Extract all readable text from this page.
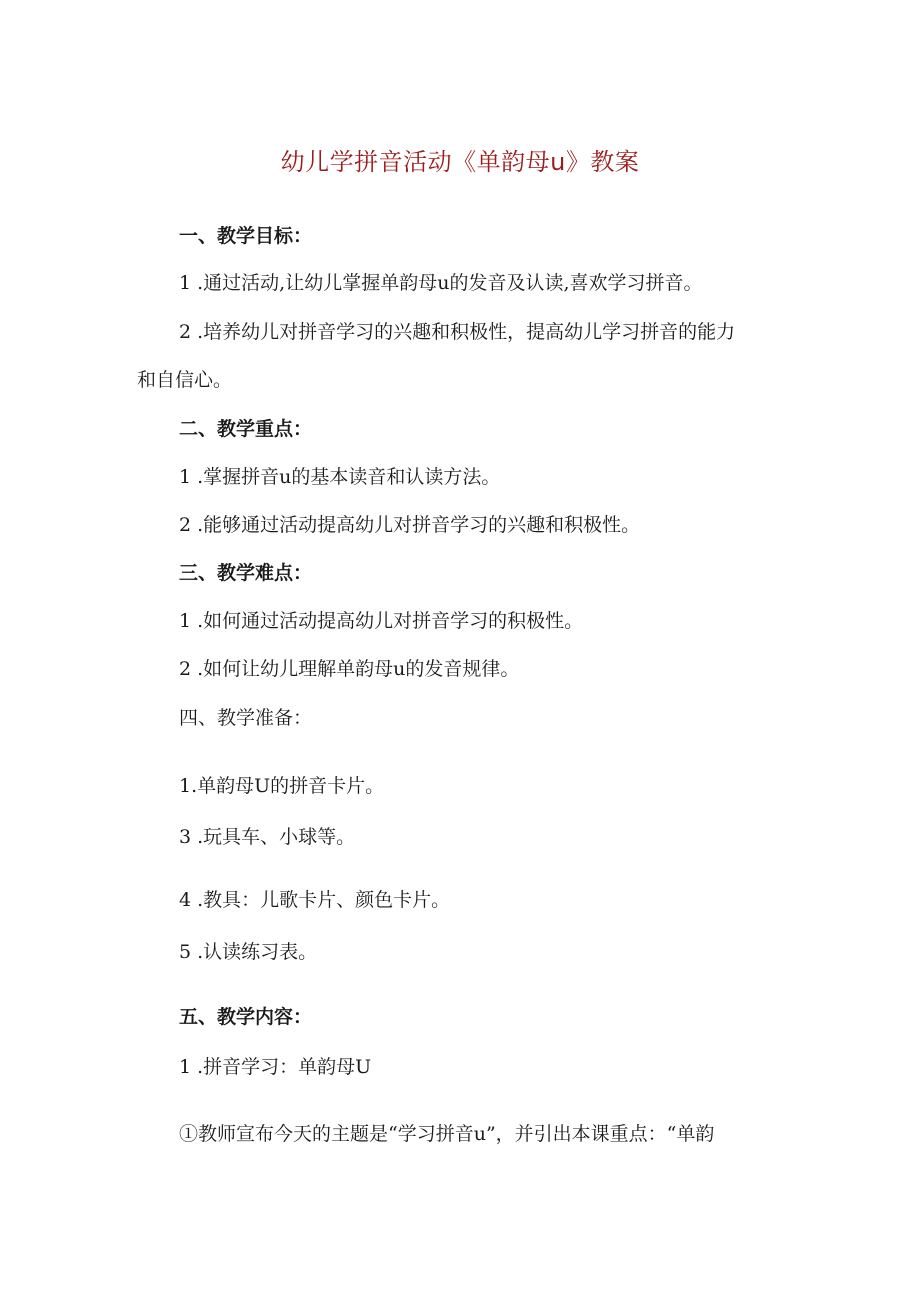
幼儿学拼音活动《单韵母u》教案
一、教学目标：
1 .通过活动,让幼儿掌握单韵母u的发音及认读,喜欢学习拼音。
2 .培养幼儿对拼音学习的兴趣和积极性，提高幼儿学习拼音的能力
和自信心。
二、教学重点：
1 .掌握拼音u的基本读音和认读方法。
2 .能够通过活动提高幼儿对拼音学习的兴趣和积极性。
三、教学难点：
1 .如何通过活动提高幼儿对拼音学习的积极性。
2 .如何让幼儿理解单韵母u的发音规律。
四、教学准备：
1.单韵母U的拼音卡片。
3 .玩具车、小球等。
4 .教具：儿歌卡片、颜色卡片。
5 .认读练习表。
五、教学内容：
1 .拼音学习：单韵母U
①教师宣布今天的主题是“学习拼音u”，并引出本课重点：“单韵
